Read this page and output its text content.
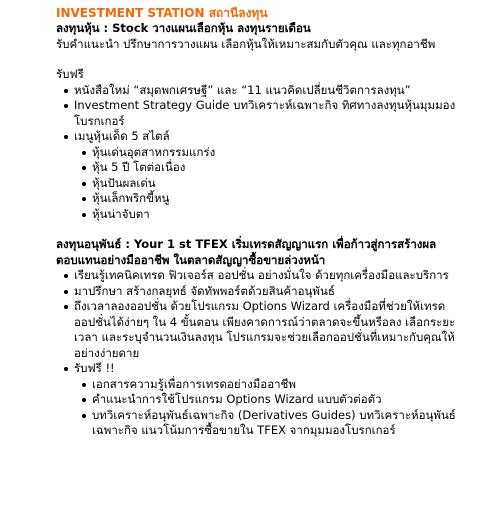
INVESTMENT STATION สถานีลงทุน
ลงทุนหุ้น : Stock วางแผนเลือกหุ้น ลงทุนรายเดือน
รับคำแนะนำ ปรึกษาการวางแผน เลือกหุ้นให้เหมาะสมกับตัวคุณ และทุกอาชีพ
รับฟรี
หนังสือใหม่ “สมุดพกเศรษฐี” และ “11 แนวคิดเปลี่ยนชีวิตการลงทุน”
Investment Strategy Guide บทวิเคราะห์เฉพาะกิจ ทิศทางลงทุนหุ้นมุมมองโบรกเกอร์
เมนูหุ้นเด็ด 5 สไตล์
หุ้นเด่นอุตสาหกรรมแกร่ง
หุ้น 5 ปี โตต่อเนื่อง
หุ้นปันผลเด่น
หุ้นเล็กพริกขี้หนู
หุ้นน่าจับตา
ลงทุนอนุพันธ์ : Your 1 st TFEX เริ่มเทรดสัญญาแรก เพื่อก้าวสู่การสร้างผลตอบแทนอย่างมืออาชีพ ในตลาดสัญญาซื้อขายล่วงหน้า
เรียนรู้เทคนิคเทรด ฟิวเจอร์ส ออปชั่น อย่างมั่นใจ ด้วยทุกเครื่องมือและบริการ
มาปรึกษา สร้างกลยุทธ์ จัดทัพพอร์ตด้วยสินค้าอนุพันธ์
ถึงเวลาลองออปชั่น ด้วยโปรแกรม Options Wizard เครื่องมือที่ช่วยให้เทรดออปชั่นได้ง่ายๆ ใน 4 ขั้นตอน เพียงคาดการณ์ว่าตลาดจะขึ้นหรือลง เลือกระยะเวลา และระบุจำนวนเงินลงทุน โปรแกรมจะช่วยเลือกออปชั่นที่เหมาะกับคุณให้อย่างง่ายดาย
รับฟรี !!
เอกสารความรู้เพื่อการเทรดอย่างมืออาชีพ
คำแนะนำการใช้โปรแกรม Options Wizard แบบตัวต่อตัว
บทวิเคราะห์อนุพันธ์เฉพาะกิจ (Derivatives Guides) บทวิเคราะห์อนุพันธ์เฉพาะกิจ แนวโน้มการซื้อขายใน TFEX จากมุมมองโบรกเกอร์
